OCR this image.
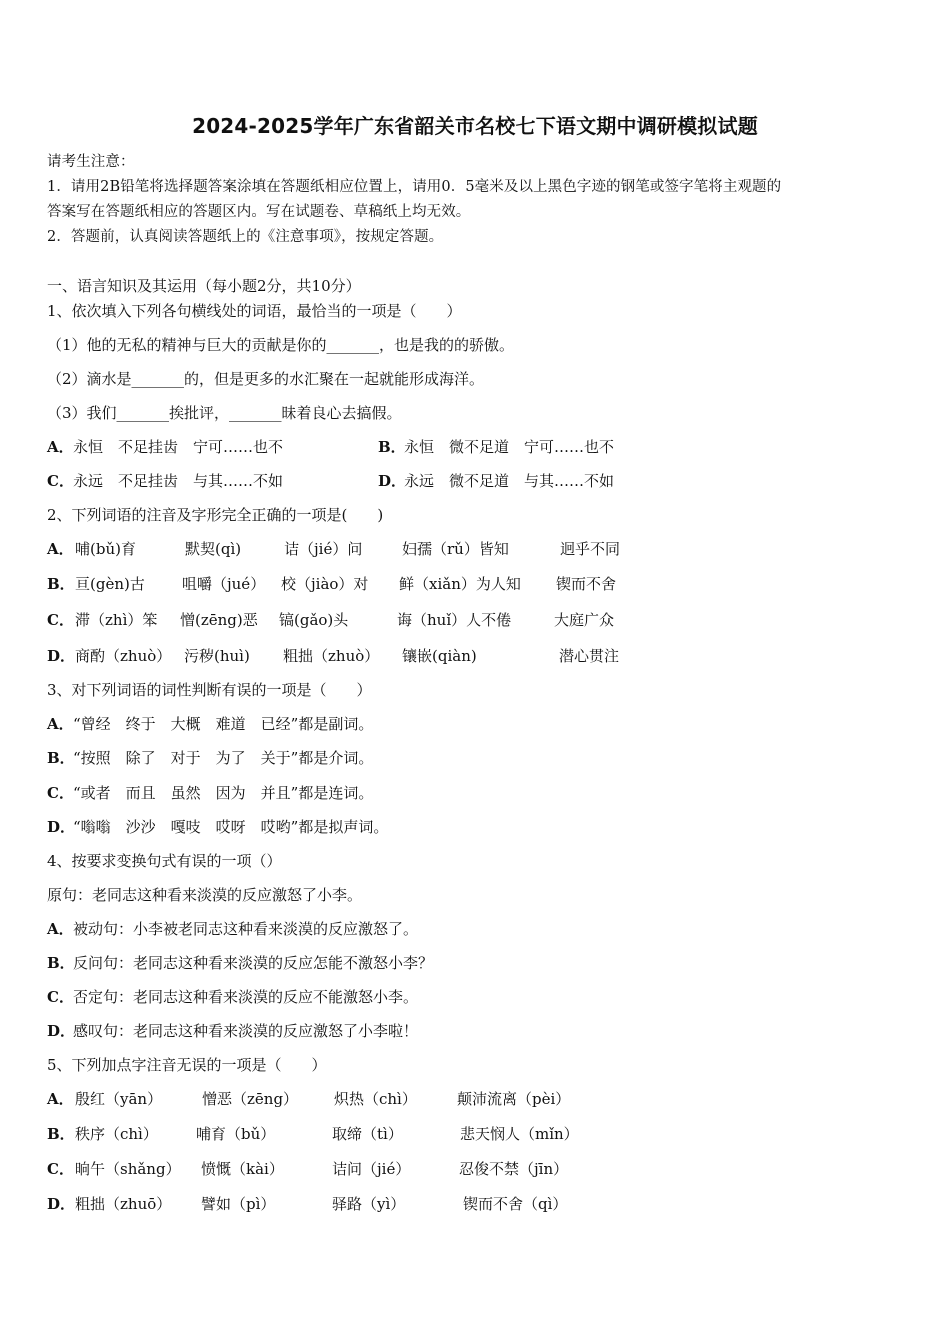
2024-2025学年广东省韶关市名校七下语文期中调研模拟试题
请考生注意：
1．请用2B铅笔将选择题答案涂填在答题纸相应位置上，请用0．5毫米及以上黑色字迹的钢笔或签字笔将主观题的
答案写在答题纸相应的答题区内。写在试题卷、草稿纸上均无效。
2．答题前，认真阅读答题纸上的《注意事项》，按规定答题。
一、语言知识及其运用（每小题2分，共10分）
1、依次填入下列各句横线处的词语，最恰当的一项是（　　）
（1）他的无私的精神与巨大的贡献是你的_______，也是我的的骄傲。
（2）滴水是_______的，但是更多的水汇聚在一起就能形成海洋。
（3）我们_______挨批评，_______昧着良心去搞假。
A．永恒　不足挂齿　宁可……也不	B．永恒　微不足道　宁可……也不
C．永远　不足挂齿　与其……不如	D．永远　微不足道　与其……不如
2、下列词语的注音及字形完全正确的一项是(　　)
A． 哺(bǔ)育	默契(qì)	诘（jié）问	妇孺（rǔ）皆知	迥乎不同
B． 亘(gèn)古 咀嚼（jué） 校（jiào）对 鲜（xiǎn）为人知 锲而不舍
C． 滞（zhì）笨 憎(zēng)恶 镐(gǎo)头	诲（huǐ）人不倦	大庭广众
D． 商酌（zhuò） 污秽(huì) 粗拙（zhuò） 镶嵌(qiàn)	潜心贯注
3、对下列词语的词性判断有误的一项是（　　）
A．“曾经　终于　大概　难道　已经”都是副词。
B．“按照　除了　对于　为了　关于”都是介词。
C．“或者　而且　虽然　因为　并且”都是连词。
D．“嗡嗡　沙沙　嘎吱　哎呀　哎哟”都是拟声词。
4、按要求变换句式有误的一项（）
原句：老同志这种看来淡漠的反应激怒了小李。
A．被动句：小李被老同志这种看来淡漠的反应激怒了。
B．反问句：老同志这种看来淡漠的反应怎能不激怒小李？
C．否定句：老同志这种看来淡漠的反应不能激怒小李。
D．感叹句：老同志这种看来淡漠的反应激怒了小李啦！
5、下列加点字注音无误的一项是（　　）
A． 殷红（yān）	憎恶（zēng） 炽热（chì）	颠沛流离（pèi）
B． 秩序（chì）	哺育（bǔ）	取缔（tì）	悲天悯人（mǐn）
C． 晌午（shǎng） 愤慨（kài）	诘问（jié）	忍俊不禁（jīn）
D． 粗拙（zhuō） 譬如（pì）	驿路（yì）	锲而不舍（qì）
